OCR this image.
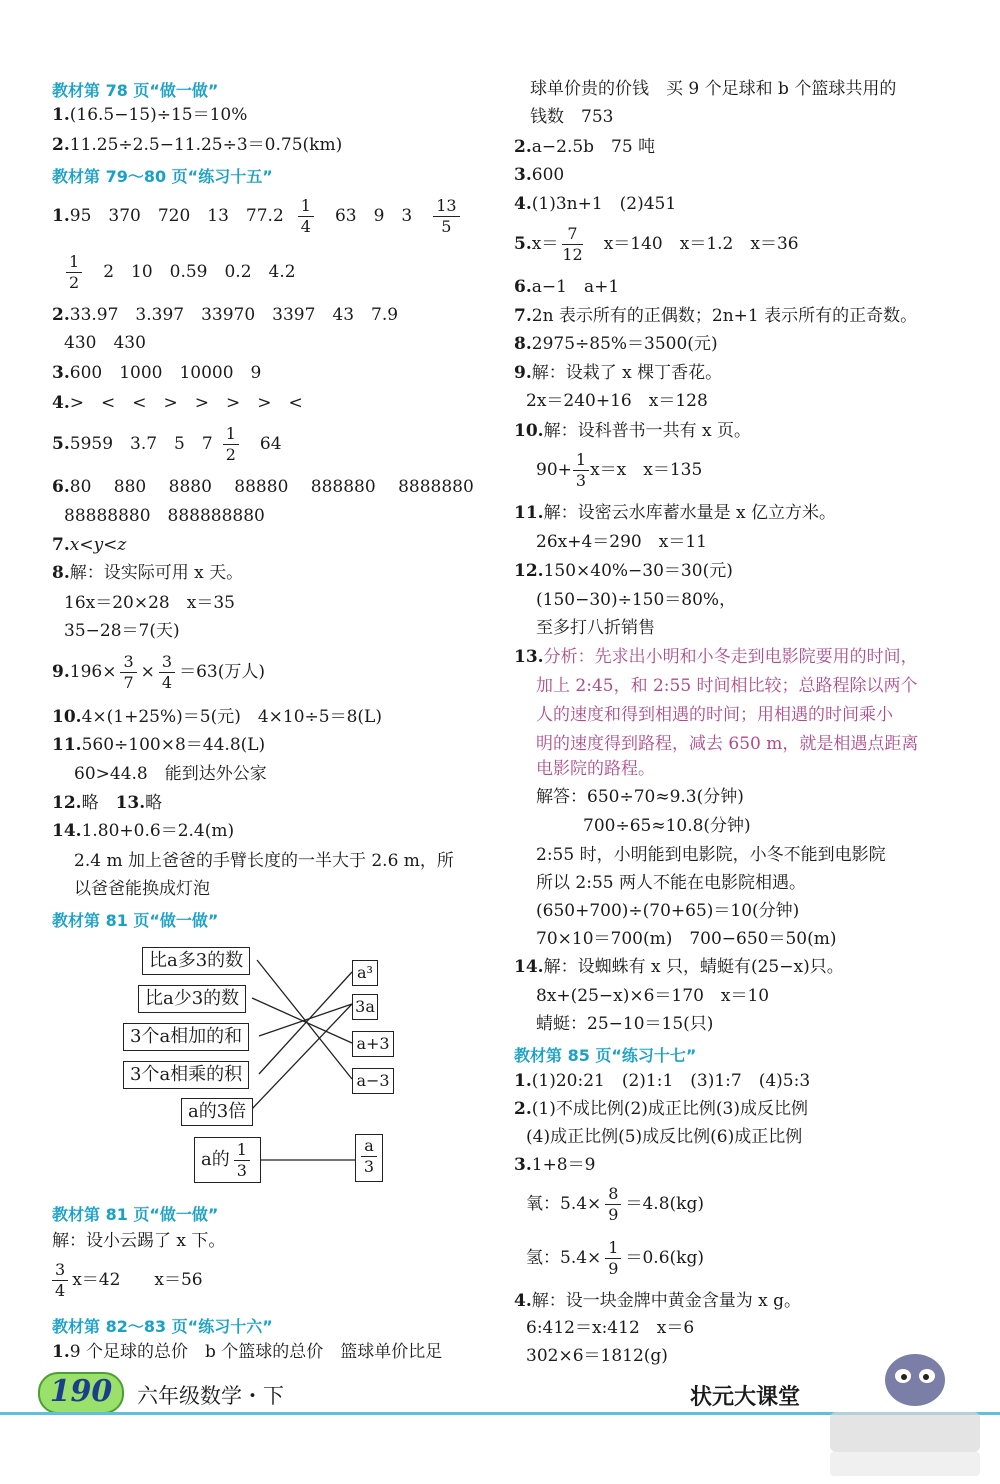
教材第 78 页“做一做”
1.(16.5−15)÷15＝10%
2.11.25÷2.5−11.25÷3＝0.75(km)
教材第 79～80 页“练习十五”
1.95　370　720　13　$77.2 \frac{1}{4}$
　 63　9　3　 $\frac{13}{5}$
$\frac{1}{2}$
　 2　10　0.59　0.2　4.2
2.33.97　3.397　33970　3397　43　7.9
430　430
3.600　1000　10000　9
4.>　<　<　>　>　>　>　<
5.5959　3.7　5　$7 \frac{1}{2}$
　 64
6.80　 880　 8880　 88880　 888880　 8888880
88888880　888888880
7.x<y<z
8.解：设实际可用 x 天。
16x＝20×28　x＝35
35−28＝7(天)
$9.196\times \frac{3}{7} \times \frac{3}{4} =63$(万人)
10.4×(1+25%)＝5(元)　4×10÷5＝8(L)
11.560÷100×8＝44.8(L)
60>44.8　能到达外公家
12.略　13.略
14.1.80+0.6＝2.4(m)
2.4 m 加上爸爸的手臂长度的一半大于 2.6 m，所
以爸爸能换成灯泡
教材第 81 页“做一做”
比a多3的数
比a少3的数
3个a相加的和
3个a相乘的积
a的3倍
a的 $\frac{1}{3}$
a³
3a
a+3
a−3
$\frac{a}{3}$
教材第 81 页“做一做”
解：设小云踢了 x 下。
$\frac{3}{4} x=42$　　x＝56
教材第 82～83 页“练习十六”
1.9 个足球的总价　b 个篮球的总价　篮球单价比足
球单价贵的价钱　买 9 个足球和 b 个篮球共用的
钱数　753
2.a−2.5b　75 吨
3.600
4.(1)3n+1　(2)451
$5.x= \frac{7}{12}$
　 x＝140　x＝1.2　x＝36
6.a−1　a+1
7.2n 表示所有的正偶数；2n+1 表示所有的正奇数。
8.2975÷85%＝3500(元)
9.解：设栽了 x 棵丁香花。
2x＝240+16　x＝128
10.解：设科普书一共有 x 页。
$90+ \frac{1}{3} x=x$　x＝135
11.解：设密云水库蓄水量是 x 亿立方米。
26x+4＝290　x＝11
12.150×40%−30＝30(元)
(150−30)÷150＝80%，
至多打八折销售
13.分析：先求出小明和小冬走到电影院要用的时间，
加上 2:45，和 2:55 时间相比较；总路程除以两个
人的速度和得到相遇的时间；用相遇的时间乘小
明的速度得到路程，减去 650 m，就是相遇点距离
电影院的路程。
解答：650÷70≈9.3(分钟)
700÷65≈10.8(分钟)
2:55 时，小明能到电影院，小冬不能到电影院
所以 2:55 两人不能在电影院相遇。
(650+700)÷(70+65)＝10(分钟)
70×10＝700(m)　700−650＝50(m)
14.解：设蜘蛛有 x 只，蜻蜓有(25−x)只。
8x+(25−x)×6＝170　x＝10
蜻蜓：25−10＝15(只)
教材第 85 页“练习十七”
1.(1)20:21　(2)1:1　(3)1:7　(4)5:3
2.(1)不成比例(2)成正比例(3)成反比例
(4)成正比例(5)成反比例(6)成正比例
3.1+8＝9
氧：$5.4\times \frac{8}{9} =4.8(kg)$
氢：$5.4\times \frac{1}{9} =0.6(kg)$
4.解：设一块金牌中黄金含量为 x g。
6:412＝x:412　x＝6
302×6＝1812(g)
190	六年级数学・下	状元大课堂
